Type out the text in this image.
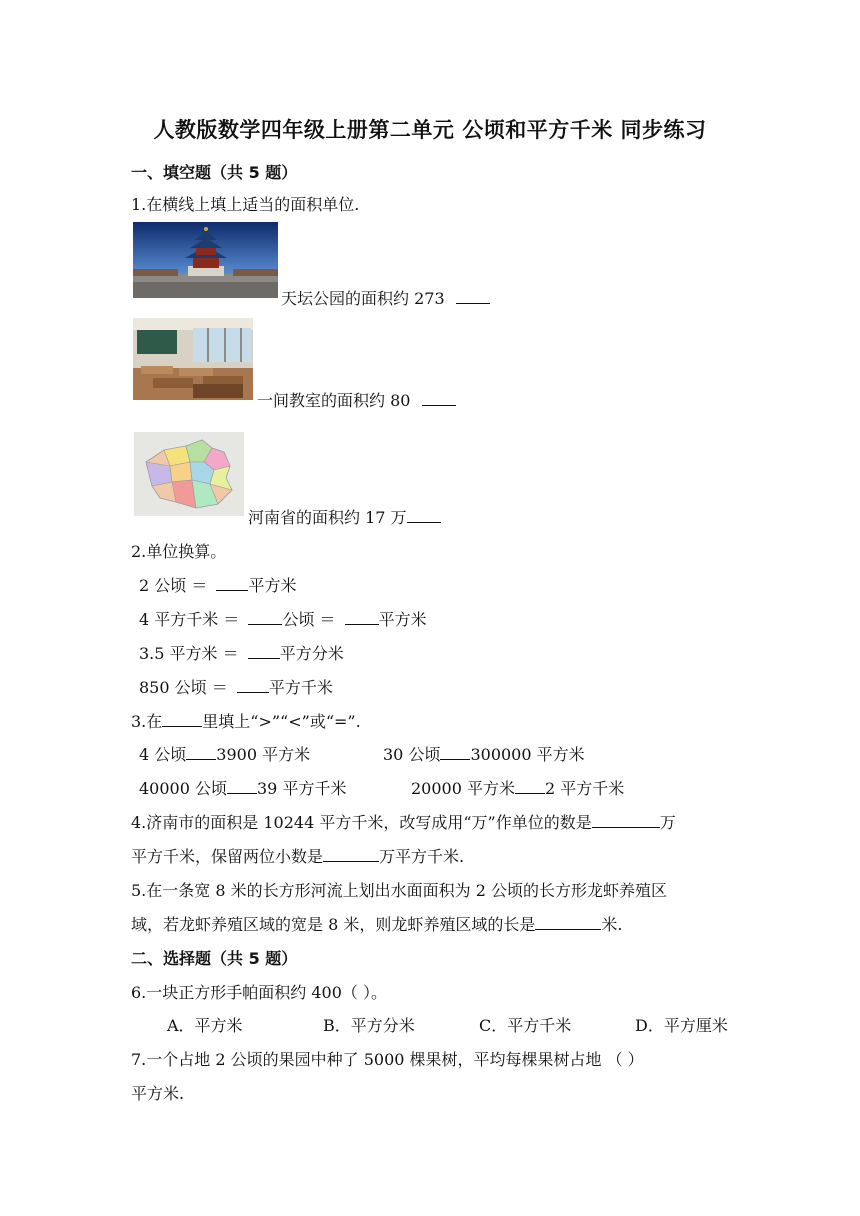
人教版数学四年级上册第二单元 公顷和平方千米 同步练习
一、填空题（共 5 题）
1.在横线上填上适当的面积单位.
天坛公园的面积约 273
一间教室的面积约 80
河南省的面积约 17 万
2.单位换算。
2 公顷 ＝	平方米
4 平方千米 ＝	公顷 ＝	平方米
3.5 平方米 ＝	平方分米
850 公顷 ＝	平方千米
3.在	里填上“>”“<”或“=”.
4 公顷 3900 平方米	30 公顷 300000 平方米
40000 公顷 39 平方千米	20000 平方米 2 平方千米
4.济南市的面积是 10244 平方千米，改写成用“万”作单位的数是	万
平方千米，保留两位小数是	万平方千米.
5.在一条宽 8 米的长方形河流上划出水面面积为 2 公顷的长方形龙虾养殖区
域，若龙虾养殖区域的宽是 8 米，则龙虾养殖区域的长是	米.
二、选择题（共 5 题）
6.一块正方形手帕面积约 400（ ）。
A．平方米	B．平方分米	C．平方千米	D．平方厘米
7.一个占地 2 公顷的果园中种了 5000 棵果树，平均每棵果树占地 （ ）
平方米.
